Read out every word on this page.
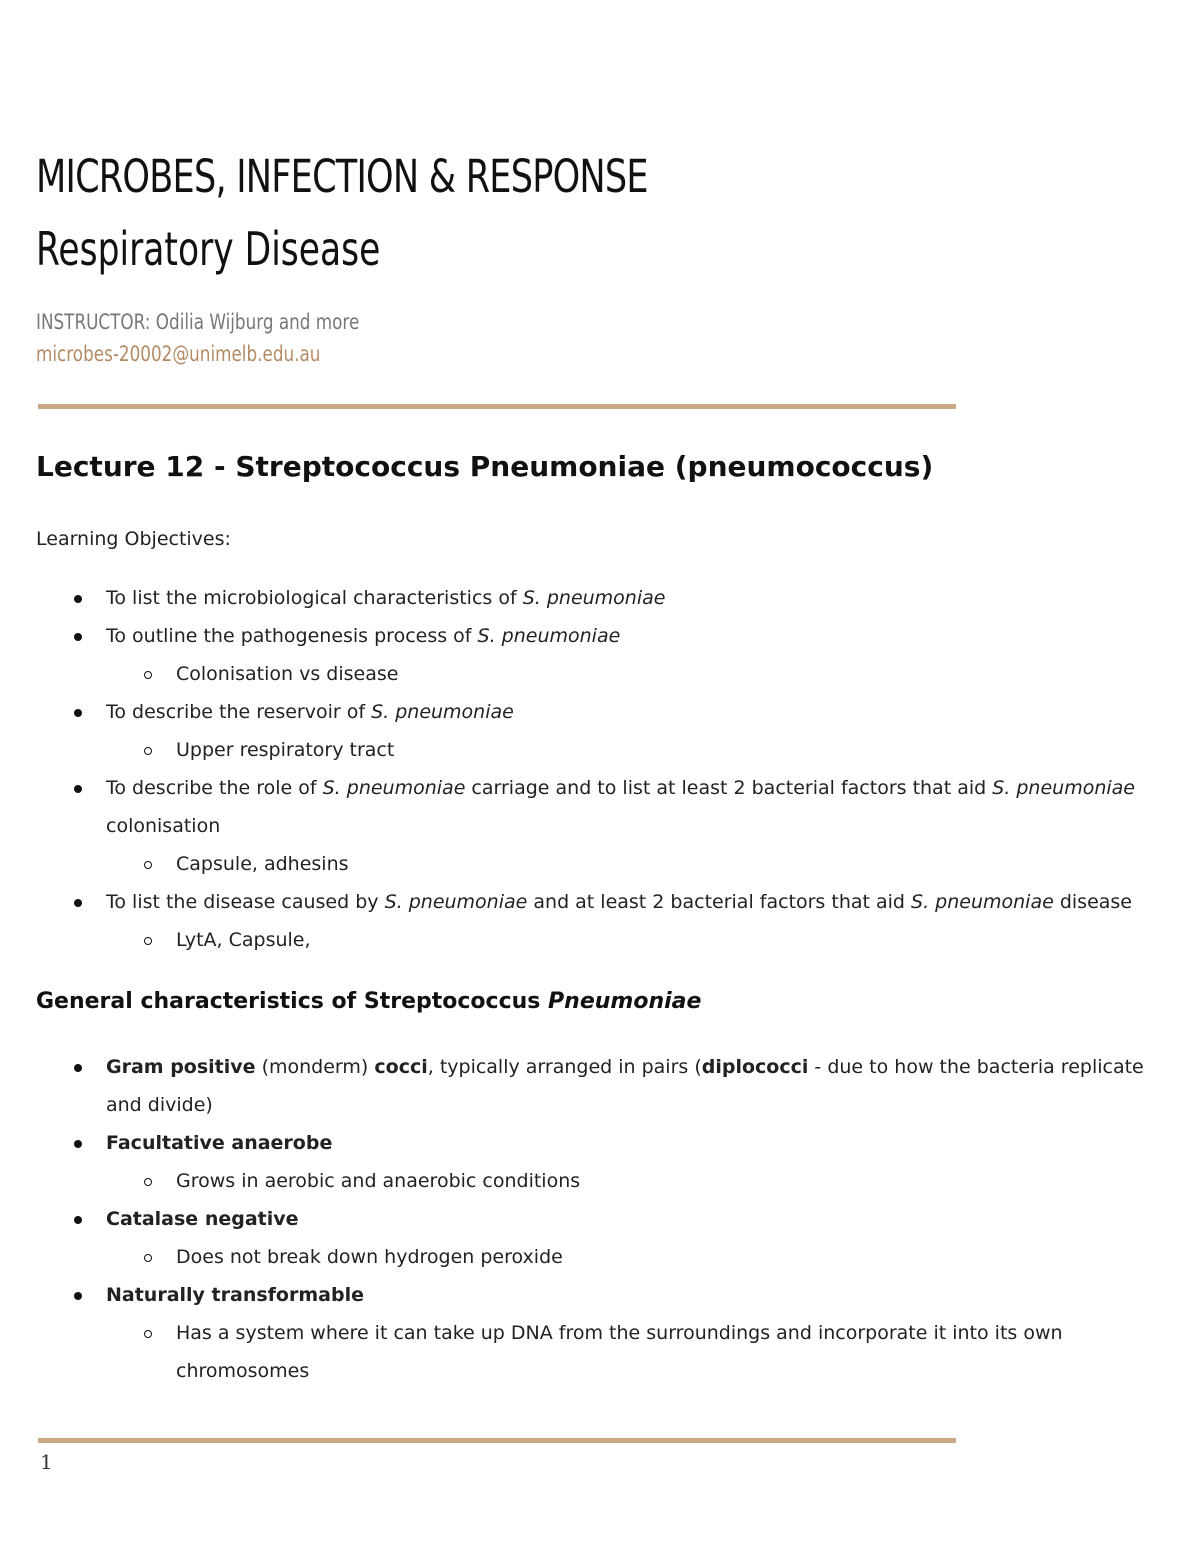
MICROBES, INFECTION & RESPONSE
Respiratory Disease
INSTRUCTOR: Odilia Wijburg and more
microbes-20002@unimelb.edu.au
Lecture 12 - Streptococcus Pneumoniae (pneumococcus)
Learning Objectives:
To list the microbiological characteristics of S. pneumoniae
To outline the pathogenesis process of S. pneumoniae
Colonisation vs disease
To describe the reservoir of S. pneumoniae
Upper respiratory tract
To describe the role of S. pneumoniae carriage and to list at least 2 bacterial factors that aid S. pneumoniae colonisation
Capsule, adhesins
To list the disease caused by S. pneumoniae and at least 2 bacterial factors that aid S. pneumoniae disease
LytA, Capsule,
General characteristics of Streptococcus Pneumoniae
Gram positive (monderm) cocci, typically arranged in pairs (diplococci - due to how the bacteria replicate and divide)
Facultative anaerobe
Grows in aerobic and anaerobic conditions
Catalase negative
Does not break down hydrogen peroxide
Naturally transformable
Has a system where it can take up DNA from the surroundings and incorporate it into its own chromosomes
1
